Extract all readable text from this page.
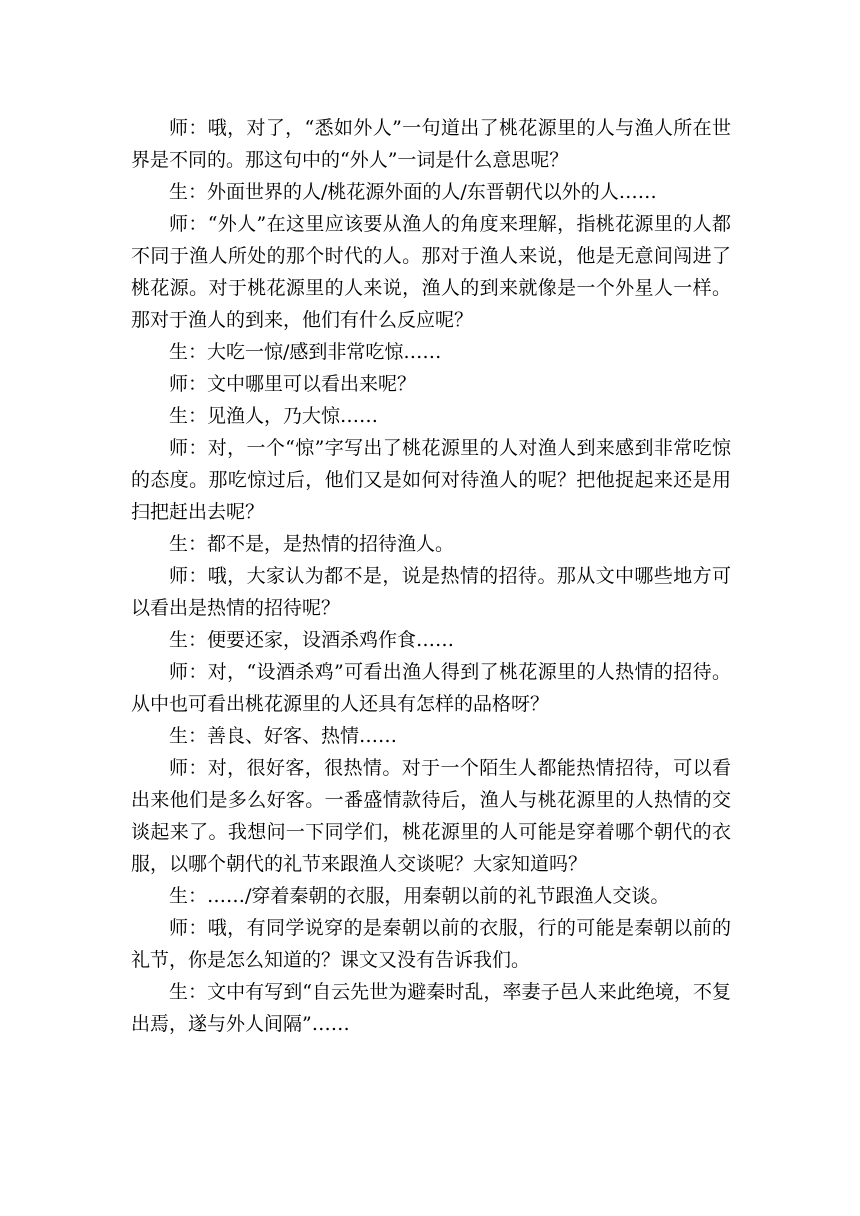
师：哦，对了，“悉如外人”一句道出了桃花源里的人与渔人所在世界是不同的。那这句中的“外人”一词是什么意思呢？

生：外面世界的人/桃花源外面的人/东晋朝代以外的人……

师：“外人”在这里应该要从渔人的角度来理解，指桃花源里的人都不同于渔人所处的那个时代的人。那对于渔人来说，他是无意间闯进了桃花源。对于桃花源里的人来说，渔人的到来就像是一个外星人一样。那对于渔人的到来，他们有什么反应呢？

生：大吃一惊/感到非常吃惊……

师：文中哪里可以看出来呢？

生：见渔人，乃大惊……

师：对，一个“惊”字写出了桃花源里的人对渔人到来感到非常吃惊的态度。那吃惊过后，他们又是如何对待渔人的呢？把他捉起来还是用扫把赶出去呢？

生：都不是，是热情的招待渔人。

师：哦，大家认为都不是，说是热情的招待。那从文中哪些地方可以看出是热情的招待呢？

生：便要还家，设酒杀鸡作食……

师：对，“设酒杀鸡”可看出渔人得到了桃花源里的人热情的招待。从中也可看出桃花源里的人还具有怎样的品格呀？

生：善良、好客、热情……

师：对，很好客，很热情。对于一个陌生人都能热情招待，可以看出来他们是多么好客。一番盛情款待后，渔人与桃花源里的人热情的交谈起来了。我想问一下同学们，桃花源里的人可能是穿着哪个朝代的衣服，以哪个朝代的礼节来跟渔人交谈呢？大家知道吗？

生：……/穿着秦朝的衣服，用秦朝以前的礼节跟渔人交谈。

师：哦，有同学说穿的是秦朝以前的衣服，行的可能是秦朝以前的礼节，你是怎么知道的？课文又没有告诉我们。

生：文中有写到“自云先世为避秦时乱，率妻子邑人来此绝境，不复出焉，遂与外人间隔”……
